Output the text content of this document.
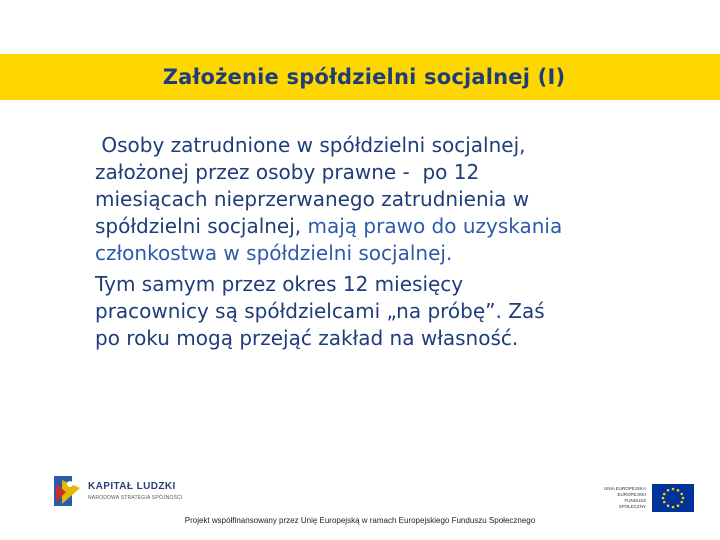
Założenie spółdzielni socjalnej (I)

Osoby zatrudnione w spółdzielni socjalnej,
założonej przez osoby prawne -  po 12
miesiącach nieprzerwanego zatrudnienia w
spółdzielni socjalnej, mają prawo do uzyskania
członkostwa w spółdzielni socjalnej.

Tym samym przez okres 12 miesięcy
pracownicy są spółdzielcami „na próbę”. Zaś
po roku mogą przejąć zakład na własność.

KAPITAŁ LUDZKI
NARODOWA STRATEGIA SPÓJNOŚCI
UNIA EUROPEJSKA
EUROPEJSKI
FUNDUSZ SPOŁECZNY
Projekt współfinansowany przez Unię Europejską w ramach Europejskiego Funduszu Społecznego
